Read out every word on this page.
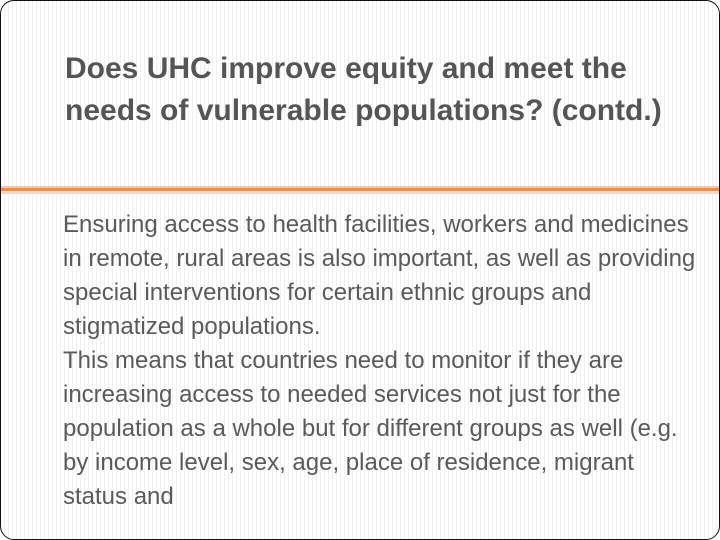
Does UHC improve equity and meet the needs of vulnerable populations? (contd.)

Ensuring access to health facilities, workers and medicines in remote, rural areas is also important, as well as providing special interventions for certain ethnic groups and stigmatized populations.

This means that countries need to monitor if they are increasing access to needed services not just for the population as a whole but for different groups as well (e.g. by income level, sex, age, place of residence, migrant status and
